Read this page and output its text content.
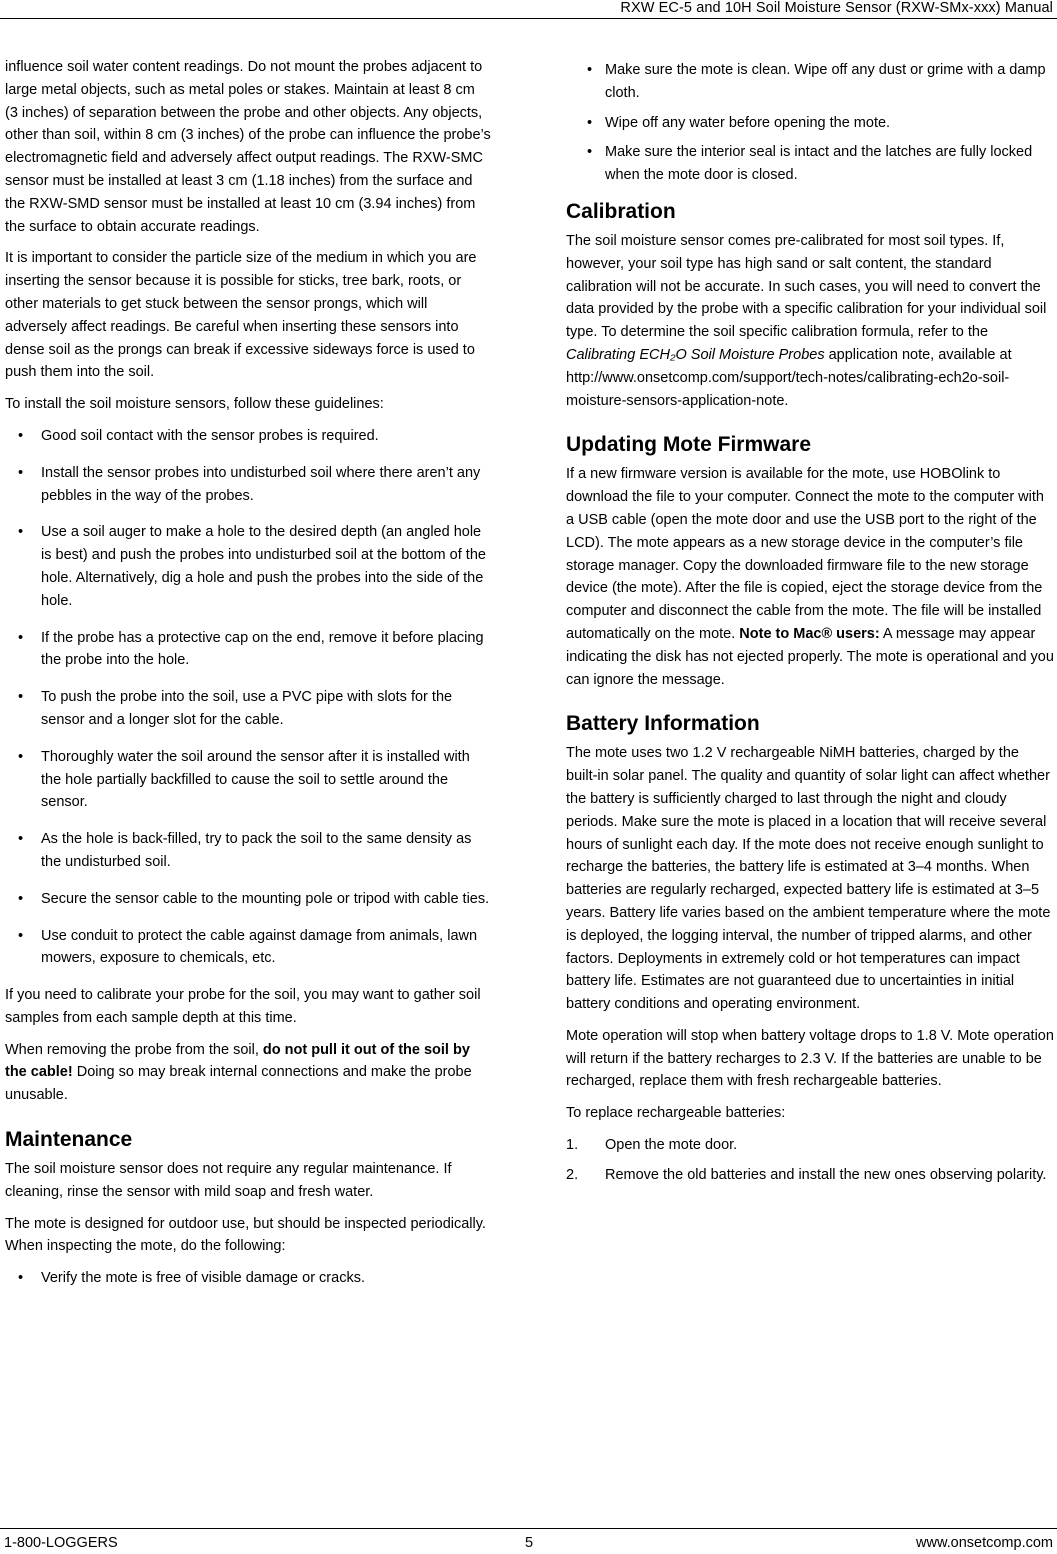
RXW EC-5 and 10H Soil Moisture Sensor (RXW-SMx-xxx) Manual

influence soil water content readings. Do not mount the probes adjacent to large metal objects, such as metal poles or stakes. Maintain at least 8 cm (3 inches) of separation between the probe and other objects. Any objects, other than soil, within 8 cm (3 inches) of the probe can influence the probe’s electromagnetic field and adversely affect output readings. The RXW-SMC sensor must be installed at least 3 cm (1.18 inches) from the surface and the RXW-SMD sensor must be installed at least 10 cm (3.94 inches) from the surface to obtain accurate readings.

It is important to consider the particle size of the medium in which you are inserting the sensor because it is possible for sticks, tree bark, roots, or other materials to get stuck between the sensor prongs, which will adversely affect readings. Be careful when inserting these sensors into dense soil as the prongs can break if excessive sideways force is used to push them into the soil.

To install the soil moisture sensors, follow these guidelines:

• Good soil contact with the sensor probes is required.
• Install the sensor probes into undisturbed soil where there aren’t any pebbles in the way of the probes.
• Use a soil auger to make a hole to the desired depth (an angled hole is best) and push the probes into undisturbed soil at the bottom of the hole. Alternatively, dig a hole and push the probes into the side of the hole.
• If the probe has a protective cap on the end, remove it before placing the probe into the hole.
• To push the probe into the soil, use a PVC pipe with slots for the sensor and a longer slot for the cable.
• Thoroughly water the soil around the sensor after it is installed with the hole partially backfilled to cause the soil to settle around the sensor.
• As the hole is back-filled, try to pack the soil to the same density as the undisturbed soil.
• Secure the sensor cable to the mounting pole or tripod with cable ties.
• Use conduit to protect the cable against damage from animals, lawn mowers, exposure to chemicals, etc.

If you need to calibrate your probe for the soil, you may want to gather soil samples from each sample depth at this time.

When removing the probe from the soil, do not pull it out of the soil by the cable! Doing so may break internal connections and make the probe unusable.

Maintenance

The soil moisture sensor does not require any regular maintenance. If cleaning, rinse the sensor with mild soap and fresh water.

The mote is designed for outdoor use, but should be inspected periodically. When inspecting the mote, do the following:

• Verify the mote is free of visible damage or cracks.
• Make sure the mote is clean. Wipe off any dust or grime with a damp cloth.
• Wipe off any water before opening the mote.
• Make sure the interior seal is intact and the latches are fully locked when the mote door is closed.
Calibration

The soil moisture sensor comes pre-calibrated for most soil types. If, however, your soil type has high sand or salt content, the standard calibration will not be accurate. In such cases, you will need to convert the data provided by the probe with a specific calibration for your individual soil type. To determine the soil specific calibration formula, refer to the Calibrating ECH₂O Soil Moisture Probes application note, available at http://www.onsetcomp.com/support/tech-notes/calibrating-ech2o-soil-moisture-sensors-application-note.

Updating Mote Firmware

If a new firmware version is available for the mote, use HOBOlink to download the file to your computer. Connect the mote to the computer with a USB cable (open the mote door and use the USB port to the right of the LCD). The mote appears as a new storage device in the computer’s file storage manager. Copy the downloaded firmware file to the new storage device (the mote). After the file is copied, eject the storage device from the computer and disconnect the cable from the mote. The file will be installed automatically on the mote. Note to Mac® users: A message may appear indicating the disk has not ejected properly. The mote is operational and you can ignore the message.

Battery Information

The mote uses two 1.2 V rechargeable NiMH batteries, charged by the built-in solar panel. The quality and quantity of solar light can affect whether the battery is sufficiently charged to last through the night and cloudy periods. Make sure the mote is placed in a location that will receive several hours of sunlight each day. If the mote does not receive enough sunlight to recharge the batteries, the battery life is estimated at 3–4 months. When batteries are regularly recharged, expected battery life is estimated at 3–5 years. Battery life varies based on the ambient temperature where the mote is deployed, the logging interval, the number of tripped alarms, and other factors. Deployments in extremely cold or hot temperatures can impact battery life. Estimates are not guaranteed due to uncertainties in initial battery conditions and operating environment.

Mote operation will stop when battery voltage drops to 1.8 V. Mote operation will return if the battery recharges to 2.3 V. If the batteries are unable to be recharged, replace them with fresh rechargeable batteries.

To replace rechargeable batteries:

1. Open the mote door.
2. Remove the old batteries and install the new ones observing polarity.
1-800-LOGGERS	5	www.onsetcomp.com
